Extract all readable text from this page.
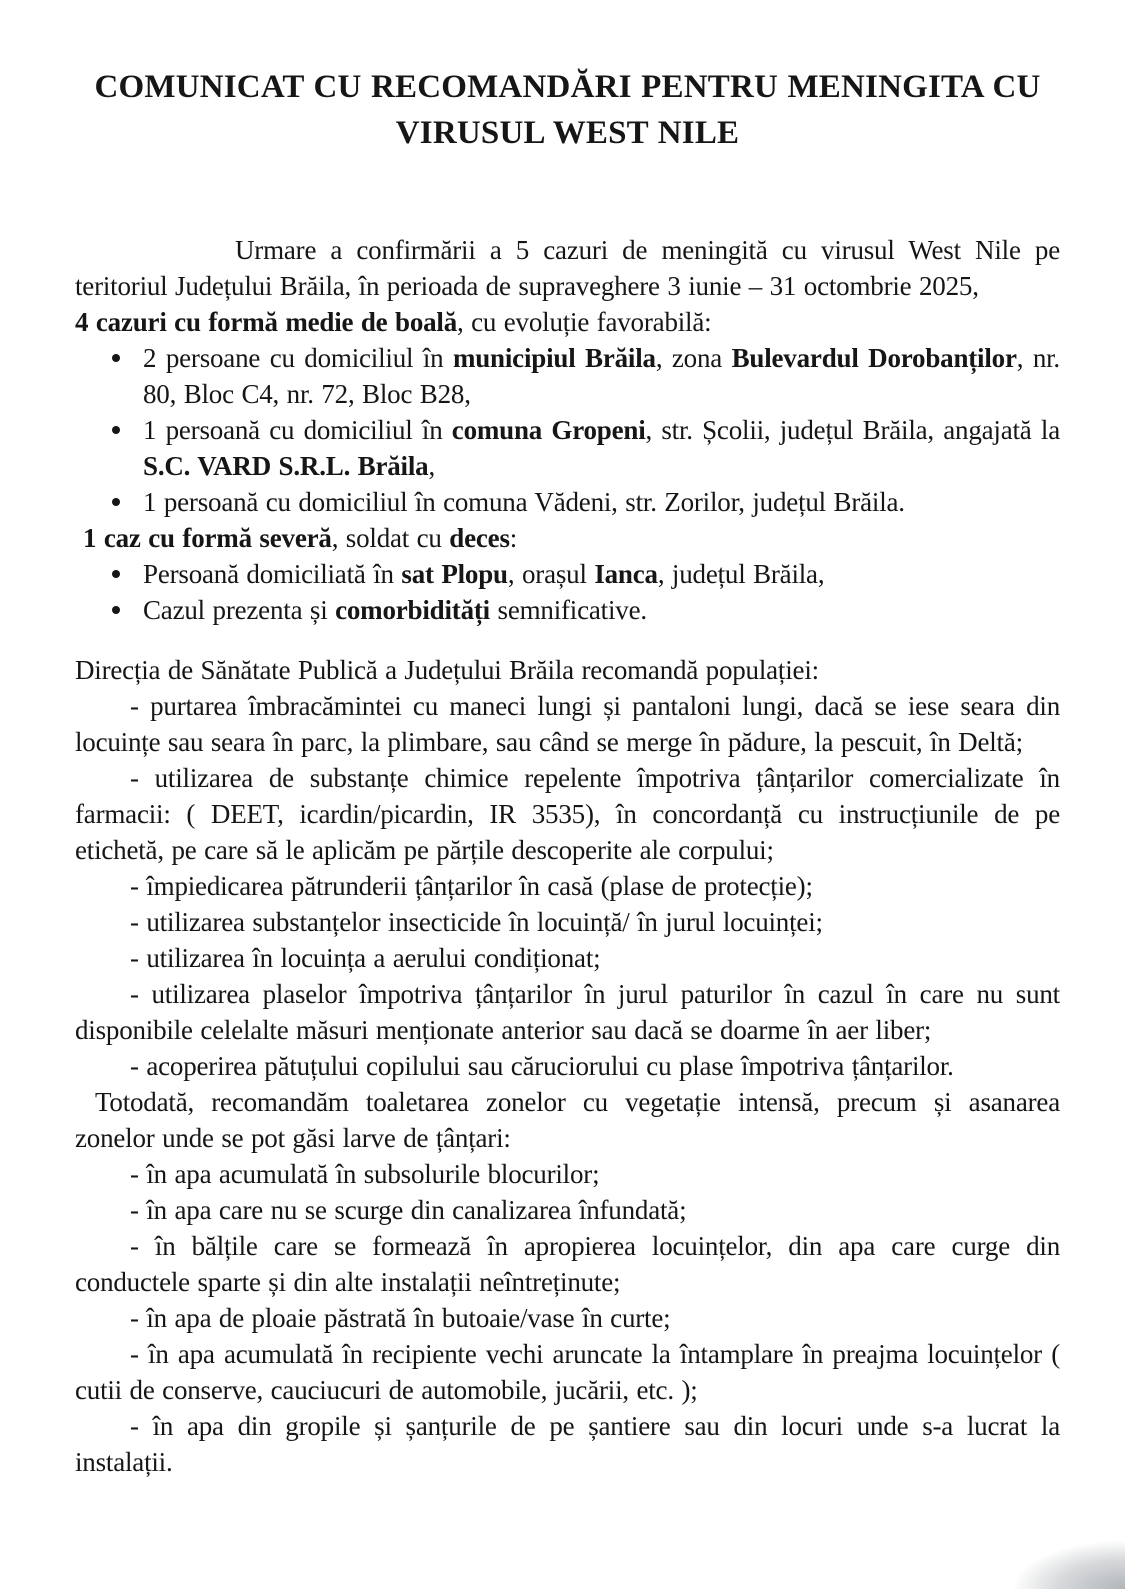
COMUNICAT CU RECOMANDĂRI PENTRU MENINGITA CU
VIRUSUL WEST NILE

Urmare a confirmării a 5 cazuri de meningită cu virusul West Nile pe teritoriul Județului Brăila, în perioada de supraveghere 3 iunie – 31 octombrie 2025,

4 cazuri cu formă medie de boală, cu evoluție favorabilă:

2 persoane cu domiciliul în municipiul Brăila, zona Bulevardul Dorobanților, nr. 80, Bloc C4, nr. 72, Bloc B28,
1 persoană cu domiciliul în comuna Gropeni, str. Școlii, județul Brăila, angajată la S.C. VARD S.R.L. Brăila,
1 persoană cu domiciliul în comuna Vădeni, str. Zorilor, județul Brăila.

1 caz cu formă severă, soldat cu deces:

Persoană domiciliată în sat Plopu, orașul Ianca, județul Brăila,
Cazul prezenta și comorbidități semnificative.

Direcția de Sănătate Publică a Județului Brăila recomandă populației:

- purtarea îmbracămintei cu maneci lungi și pantaloni lungi, dacă se iese seara din locuințe sau seara în parc, la plimbare, sau când se merge în pădure, la pescuit, în Deltă;

- utilizarea de substanțe chimice repelente împotriva țânțarilor comercializate în farmacii: ( DEET, icardin/picardin, IR 3535), în concordanță cu instrucțiunile de pe etichetă, pe care să le aplicăm pe părțile descoperite ale corpului;

- împiedicarea pătrunderii țânțarilor în casă (plase de protecție);

- utilizarea substanțelor insecticide în locuință/ în jurul locuinței;

- utilizarea în locuința a aerului condiționat;

- utilizarea plaselor împotriva țânțarilor în jurul paturilor în cazul în care nu sunt disponibile celelalte măsuri menționate anterior sau dacă se doarme în aer liber;

- acoperirea pătuțului copilului sau căruciorului cu plase împotriva țânțarilor.

Totodată, recomandăm toaletarea zonelor cu vegetație intensă, precum și asanarea zonelor unde se pot găsi larve de țânțari:

- în apa acumulată în subsolurile blocurilor;

- în apa care nu se scurge din canalizarea înfundată;

- în bălțile care se formează în apropierea locuințelor, din apa care curge din conductele sparte și din alte instalații neîntreținute;

- în apa de ploaie păstrată în butoaie/vase în curte;

- în apa acumulată în recipiente vechi aruncate la întamplare în preajma locuințelor ( cutii de conserve, cauciucuri de automobile, jucării, etc. );

- în apa din gropile și șanțurile de pe șantiere sau din locuri unde s-a lucrat la instalații.
